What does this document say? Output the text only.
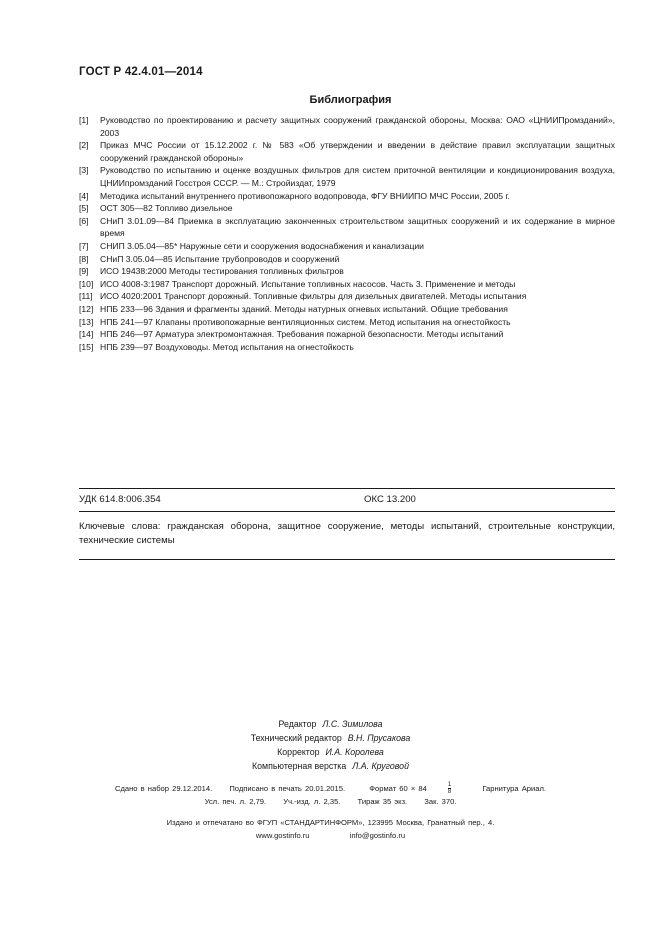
ГОСТ Р 42.4.01—2014
Библиография
[1]	Руководство по проектированию и расчету защитных сооружений гражданской обороны, Москва: ОАО «ЦНИИПромзданий», 2003
[2]	Приказ МЧС России от 15.12.2002 г. № 583 «Об утверждении и введении в действие правил эксплуатации защитных сооружений гражданской обороны»
[3]	Руководство по испытанию и оценке воздушных фильтров для систем приточной вентиляции и кондиционирования воздуха, ЦНИИпромзданий Госстроя СССР. — М.: Стройиздат, 1979
[4]	Методика испытаний внутреннего противопожарного водопровода, ФГУ ВНИИПО МЧС России, 2005 г.
[5]	ОСТ 305—82 Топливо дизельное
[6]	СНиП 3.01.09—84 Приемка в эксплуатацию законченных строительством защитных сооружений и их содержание в мирное время
[7]	СНИП 3.05.04—85* Наружные сети и сооружения водоснабжения и канализации
[8]	СНиП 3.05.04—85 Испытание трубопроводов и сооружений
[9]	ИСО 19438:2000 Методы тестирования топливных фильтров
[10] ИСО 4008-3:1987 Транспорт дорожный. Испытание топливных насосов. Часть 3. Применение и методы
[11] ИСО 4020:2001 Транспорт дорожный. Топливные фильтры для дизельных двигателей. Методы испытания
[12] НПБ 233—96 Здания и фрагменты зданий. Методы натурных огневых испытаний. Общие требования
[13] НПБ 241—97 Клапаны противопожарные вентиляционных систем. Метод испытания на огнестойкость
[14] НПБ 246—97 Арматура электромонтажная. Требования пожарной безопасности. Методы испытаний
[15] НПБ 239—97 Воздуховоды. Метод испытания на огнестойкость
УДК 614.8:006.354	ОКС 13.200
Ключевые слова: гражданская оборона, защитное сооружение, методы испытаний, строительные конструкции, технические системы
Редактор Л.С. Зимилова
Технический редактор В.Н. Прусакова
Корректор И.А. Королева
Компьютерная верстка Л.А. Круговой
Сдано в набор 29.12.2014. Подписано в печать 20.01.2015.	Формат $60 \times 84 \frac{1}{8}$	Гарнитура Ариал.
Усл. печ. л. 2,79. Уч.-изд. л. 2,35. Тираж 35 экз. Зак. 370.
Издано и отпечатано во ФГУП «СТАНДАРТИНФОРМ», 123995 Москва, Гранатный пер., 4.
www.gostinfo.ru	info@gostinfo.ru
